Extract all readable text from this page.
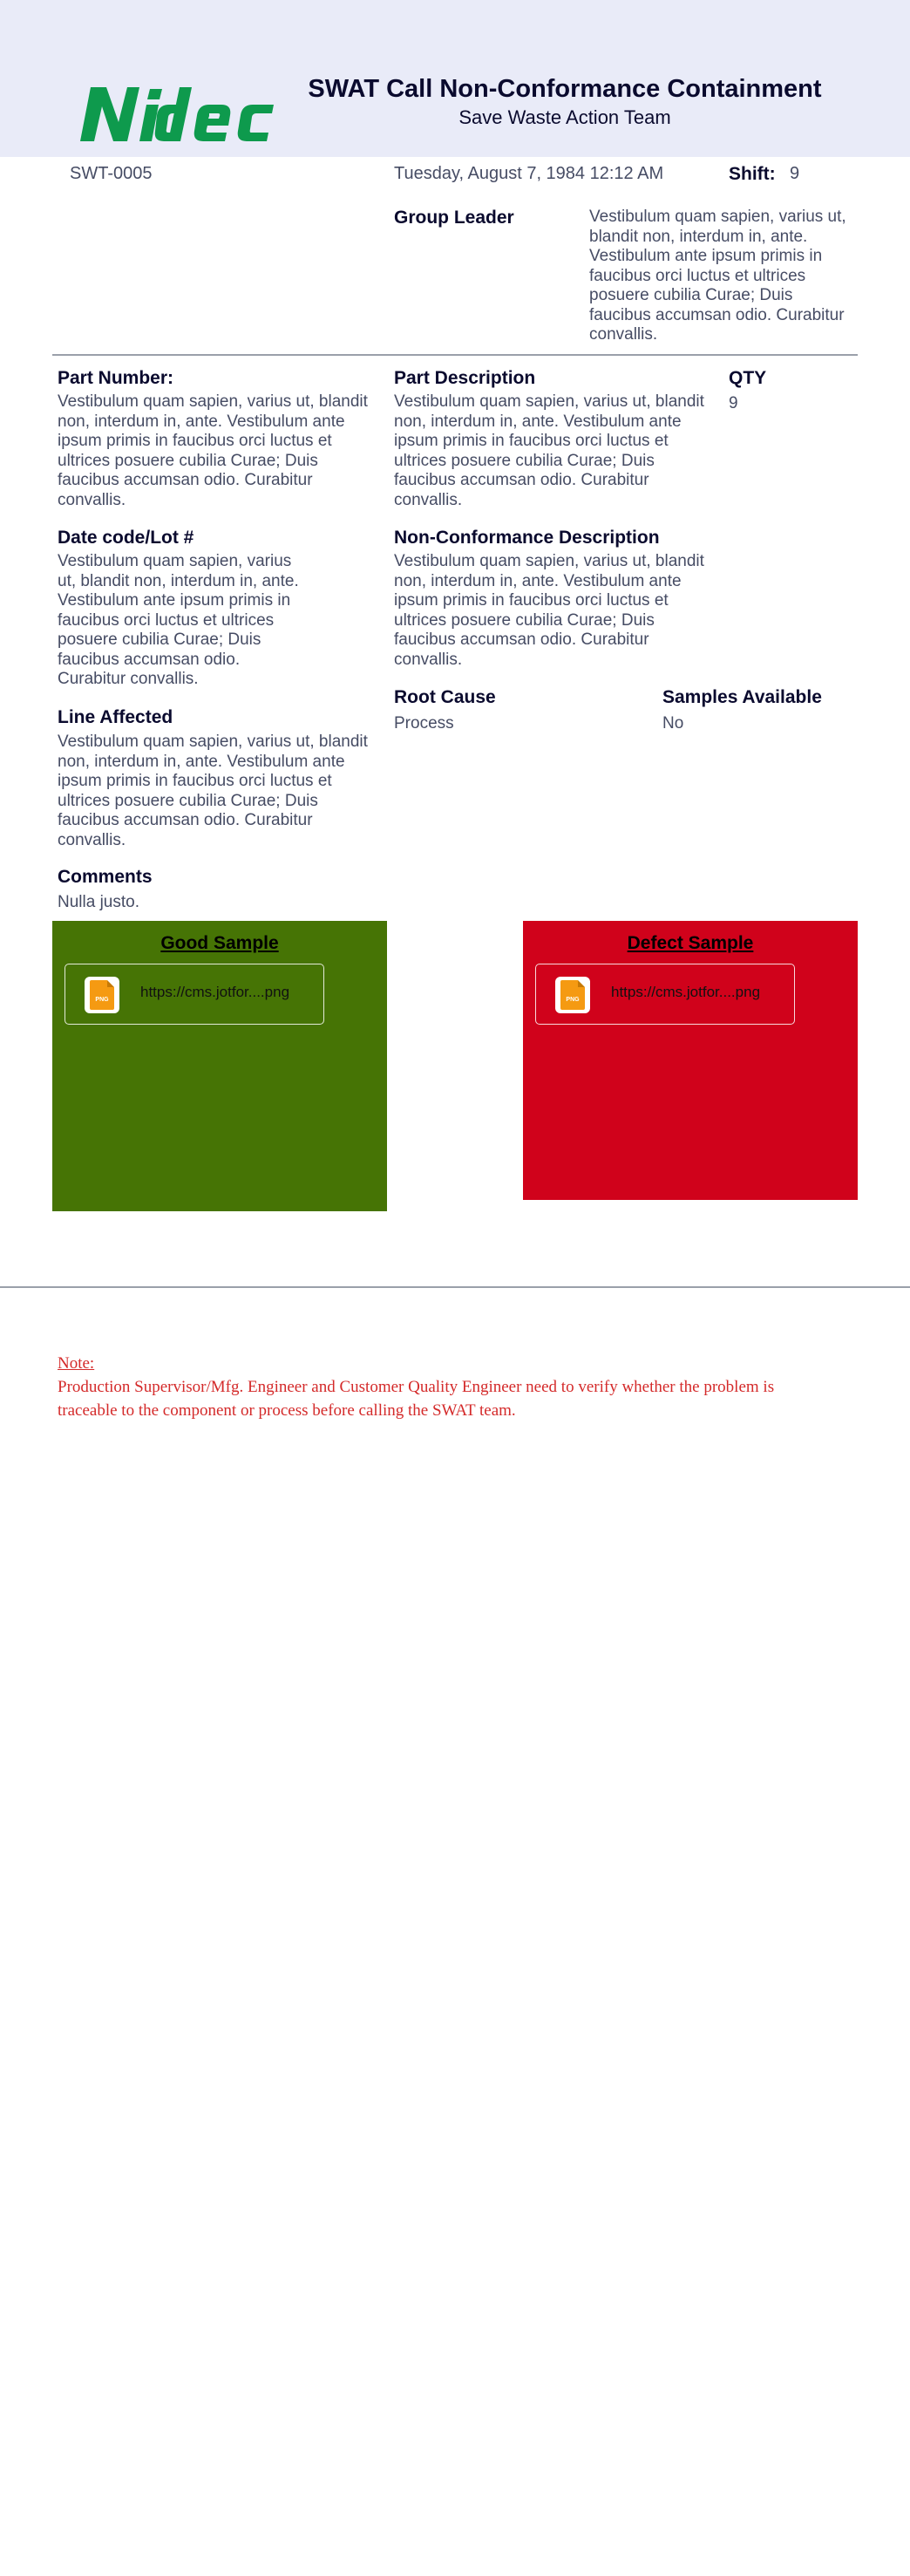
SWAT Call Non-Conformance Containment
Save Waste Action Team
SWT-0005	Tuesday, August 7, 1984 12:12 AM	Shift: 9
Group Leader	Vestibulum quam sapien, varius ut,
blandit non, interdum in, ante.
Vestibulum ante ipsum primis in
faucibus orci luctus et ultrices
posuere cubilia Curae; Duis
faucibus accumsan odio. Curabitur
convallis.
Part Number:
Vestibulum quam sapien, varius ut, blandit
non, interdum in, ante. Vestibulum ante
ipsum primis in faucibus orci luctus et
ultrices posuere cubilia Curae; Duis
faucibus accumsan odio. Curabitur
convallis.
Part Description
Vestibulum quam sapien, varius ut, blandit
non, interdum in, ante. Vestibulum ante
ipsum primis in faucibus orci luctus et
ultrices posuere cubilia Curae; Duis
faucibus accumsan odio. Curabitur
convallis.
QTY
9
Date code/Lot #
Vestibulum quam sapien, varius
ut, blandit non, interdum in, ante.
Vestibulum ante ipsum primis in
faucibus orci luctus et ultrices
posuere cubilia Curae; Duis
faucibus accumsan odio.
Curabitur convallis.
Non-Conformance Description
Vestibulum quam sapien, varius ut, blandit
non, interdum in, ante. Vestibulum ante
ipsum primis in faucibus orci luctus et
ultrices posuere cubilia Curae; Duis
faucibus accumsan odio. Curabitur
convallis.
Line Affected
Vestibulum quam sapien, varius ut, blandit
non, interdum in, ante. Vestibulum ante
ipsum primis in faucibus orci luctus et
ultrices posuere cubilia Curae; Duis
faucibus accumsan odio. Curabitur
convallis.
Root Cause
Process
Samples Available
No
Comments
Nulla justo.
Good Sample
PNG	https://cms.jotfor....png
Defect Sample
PNG	https://cms.jotfor....png
Note:
Production Supervisor/Mfg. Engineer and Customer Quality Engineer need to verify whether the problem is
traceable to the component or process before calling the SWAT team.
